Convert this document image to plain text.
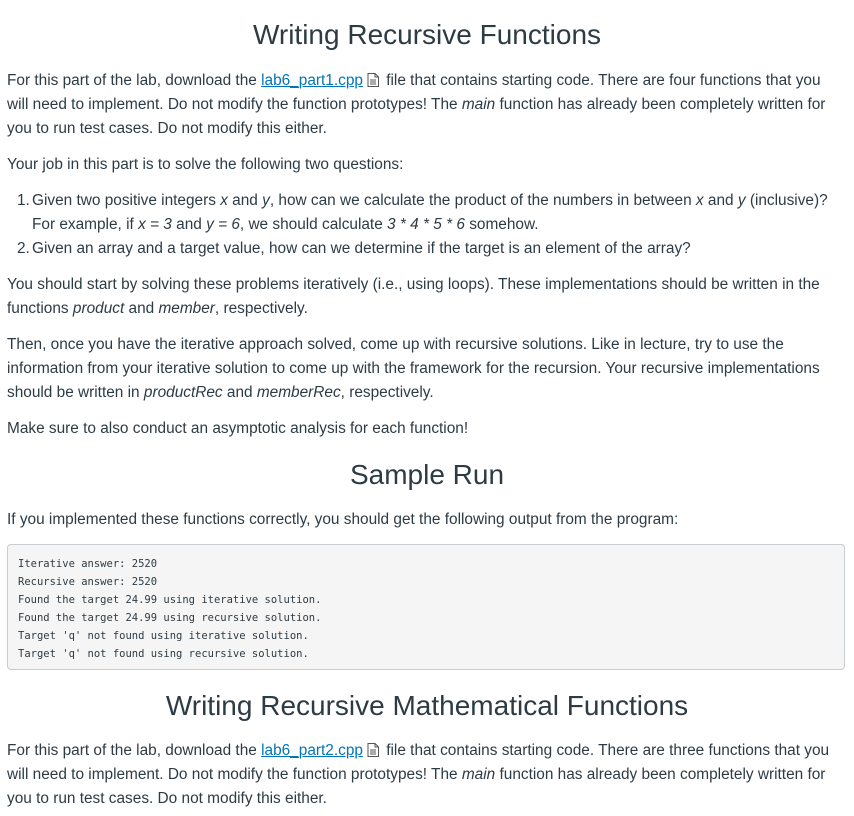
Writing Recursive Functions

For this part of the lab, download the lab6_part1.cpp file that contains starting code. There are four functions that you will need to implement. Do not modify the function prototypes! The main function has already been completely written for you to run test cases. Do not modify this either.

Your job in this part is to solve the following two questions:

1. Given two positive integers x and y, how can we calculate the product of the numbers in between x and y (inclusive)? For example, if x = 3 and y = 6, we should calculate 3 * 4 * 5 * 6 somehow.
2. Given an array and a target value, how can we determine if the target is an element of the array?

You should start by solving these problems iteratively (i.e., using loops). These implementations should be written in the functions product and member, respectively.

Then, once you have the iterative approach solved, come up with recursive solutions. Like in lecture, try to use the information from your iterative solution to come up with the framework for the recursion. Your recursive implementations should be written in productRec and memberRec, respectively.

Make sure to also conduct an asymptotic analysis for each function!

Sample Run

If you implemented these functions correctly, you should get the following output from the program:

Iterative answer: 2520
Recursive answer: 2520
Found the target 24.99 using iterative solution.
Found the target 24.99 using recursive solution.
Target 'q' not found using iterative solution.
Target 'q' not found using recursive solution.
Writing Recursive Mathematical Functions

For this part of the lab, download the lab6_part2.cpp file that contains starting code. There are three functions that you will need to implement. Do not modify the function prototypes! The main function has already been completely written for you to run test cases. Do not modify this either.
